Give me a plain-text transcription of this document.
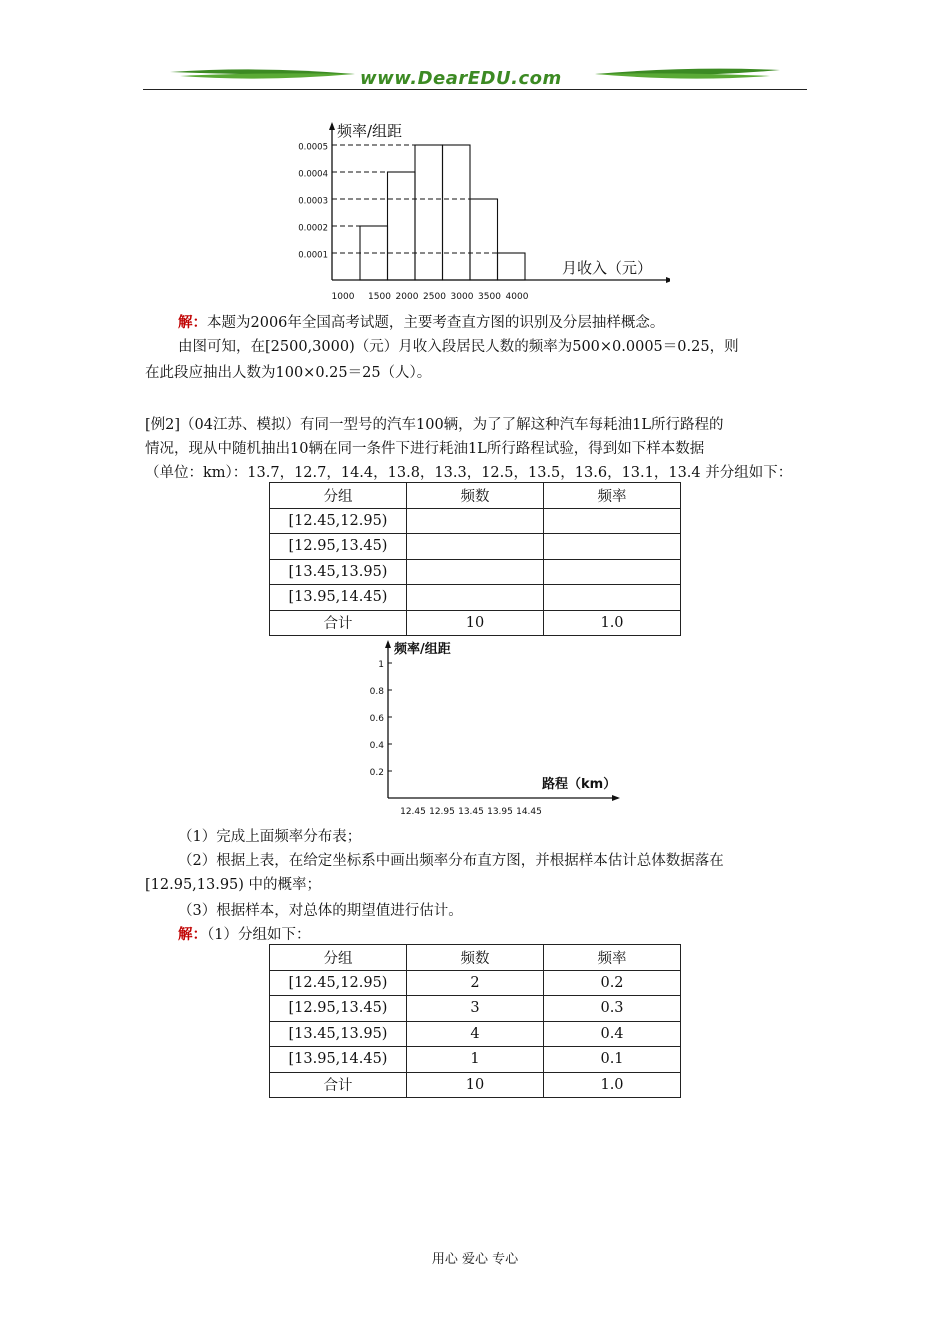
www.DearEDU.com
频率/组距
月收入（元）
0.0001
0.0002
0.0003
0.0004
0.0005
1000 1500 2000 2500 3000 3500 4000
解：本题为2006年全国高考试题，主要考查直方图的识别及分层抽样概念。
由图可知，在[2500,3000)（元）月收入段居民人数的频率为500×0.0005＝0.25，则
在此段应抽出人数为100×0.25＝25（人）。
[例2]（04江苏、模拟）有同一型号的汽车100辆，为了了解这种汽车每耗油1L所行路程的
情况，现从中随机抽出10辆在同一条件下进行耗油1L所行路程试验，得到如下样本数据
（单位：km）：13.7，12.7，14.4，13.8，13.3，12.5，13.5，13.6，13.1，13.4 并分组如下：
分组	频数	频率
[12.45,12.95)		
[12.95,13.45)		
[13.45,13.95)		
[13.95,14.45)		
合计	10	1.0
频率/组距
路程（km）
0.2
0.4
0.6
0.8
1
12.45 12.95 13.45 13.95 14.45
（1）完成上面频率分布表；
（2）根据上表，在给定坐标系中画出频率分布直方图，并根据样本估计总体数据落在
[12.95,13.95) 中的概率；
（3）根据样本，对总体的期望值进行估计。
解：（1）分组如下：
分组	频数	频率
[12.45,12.95)	2	0.2
[12.95,13.45)	3	0.3
[13.45,13.95)	4	0.4
[13.95,14.45)	1	0.1
合计	10	1.0
用心 爱心 专心
